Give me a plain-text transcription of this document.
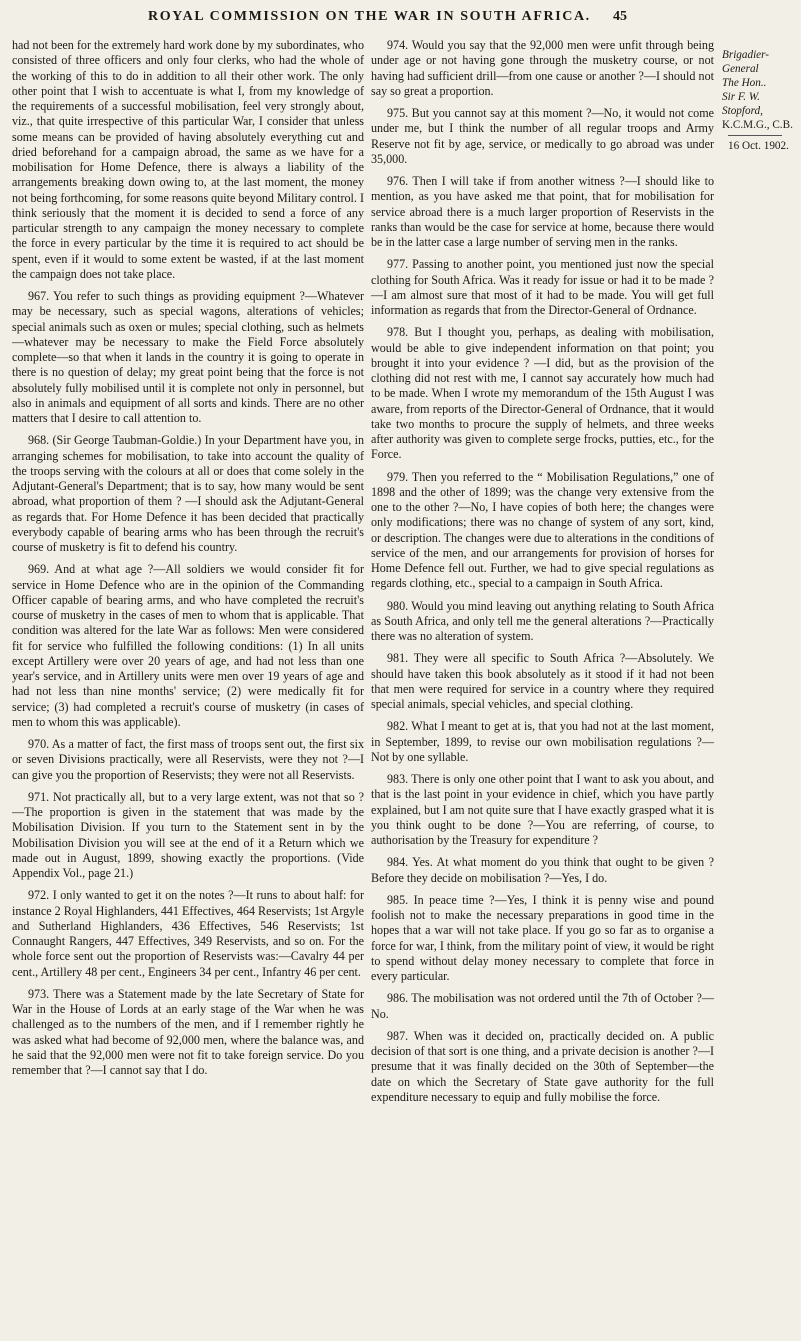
ROYAL COMMISSION ON THE WAR IN SOUTH AFRICA. 45

had not been for the extremely hard work done by my subordinates, who consisted of three officers and only four clerks, who had the whole of the working of this to do in addition to all their other work. The only other point that I wish to accentuate is what I, from my knowledge of the requirements of a successful mobilisation, feel very strongly about, viz., that quite irrespective of this particular War, I consider that unless some means can be provided of having absolutely everything cut and dried beforehand for a campaign abroad, the same as we have for a mobilisation for Home Defence, there is always a liability of the arrangements breaking down owing to, at the last moment, the money not being forthcoming, for some reasons quite beyond Military control. I think seriously that the moment it is decided to send a force of any particular strength to any campaign the money necessary to complete the force in every particular by the time it is required to act should be spent, even if it would to some extent be wasted, if at the last moment the campaign does not take place.

967. You refer to such things as providing equipment ?—Whatever may be necessary, such as special wagons, alterations of vehicles; special animals such as oxen or mules; special clothing, such as helmets—whatever may be necessary to make the Field Force absolutely complete—so that when it lands in the country it is going to operate in there is no question of delay; my great point being that the force is not absolutely fully mobilised until it is complete not only in personnel, but also in animals and equipment of all sorts and kinds. There are no other matters that I desire to call attention to.

968. (Sir George Taubman-Goldie.) In your Department have you, in arranging schemes for mobilisation, to take into account the quality of the troops serving with the colours at all or does that come solely in the Adjutant-General's Department; that is to say, how many would be sent abroad, what proportion of them ? —I should ask the Adjutant-General as regards that. For Home Defence it has been decided that practically everybody capable of bearing arms who has been through the recruit's course of musketry is fit to defend his country.

969. And at what age ?—All soldiers we would consider fit for service in Home Defence who are in the opinion of the Commanding Officer capable of bearing arms, and who have completed the recruit's course of musketry in the cases of men to whom that is applicable. That condition was altered for the late War as follows: Men were considered fit for service who fulfilled the following conditions: (1) In all units except Artillery were over 20 years of age, and had not less than one year's service, and in Artillery units were men over 19 years of age and had not less than nine months' service; (2) were medically fit for service; (3) had completed a recruit's course of musketry (in cases of men to whom this was applicable).

970. As a matter of fact, the first mass of troops sent out, the first six or seven Divisions practically, were all Reservists, were they not ?—I can give you the proportion of Reservists; they were not all Reservists.

971. Not practically all, but to a very large extent, was not that so ?—The proportion is given in the statement that was made by the Mobilisation Division. If you turn to the Statement sent in by the Mobilisation Division you will see at the end of it a Return which we made out in August, 1899, showing exactly the proportions. (Vide Appendix Vol., page 21.)

972. I only wanted to get it on the notes ?—It runs to about half: for instance 2 Royal Highlanders, 441 Effectives, 464 Reservists; 1st Argyle and Sutherland Highlanders, 436 Effectives, 546 Reservists; 1st Connaught Rangers, 447 Effectives, 349 Reservists, and so on. For the whole force sent out the proportion of Reservists was:—Cavalry 44 per cent., Artillery 48 per cent., Engineers 34 per cent., Infantry 46 per cent.

973. There was a Statement made by the late Secretary of State for War in the House of Lords at an early stage of the War when he was challenged as to the numbers of the men, and if I remember rightly he was asked what had become of 92,000 men, where the balance was, and he said that the 92,000 men were not fit to take foreign service. Do you remember that ?—I cannot say that I do.

974. Would you say that the 92,000 men were unfit through being under age or not having gone through the musketry course, or not having had sufficient drill—from one cause or another ?—I should not say so great a proportion.

975. But you cannot say at this moment ?—No, it would not come under me, but I think the number of all regular troops and Army Reserve not fit by age, service, or medically to go abroad was under 35,000.

976. Then I will take if from another witness ?—I should like to mention, as you have asked me that point, that for mobilisation for service abroad there is a much larger proportion of Reservists in the ranks than would be the case for service at home, because there would be in the latter case a large number of serving men in the ranks.

977. Passing to another point, you mentioned just now the special clothing for South Africa. Was it ready for issue or had it to be made ?—I am almost sure that most of it had to be made. You will get full information as regards that from the Director-General of Ordnance.

978. But I thought you, perhaps, as dealing with mobilisation, would be able to give independent information on that point; you brought it into your evidence ? —I did, but as the provision of the clothing did not rest with me, I cannot say accurately how much had to be made. When I wrote my memorandum of the 15th August I was aware, from reports of the Director-General of Ordnance, that it would take two months to procure the supply of helmets, and three weeks after authority was given to complete serge frocks, putties, etc., for the Force.

979. Then you referred to the “ Mobilisation Regulations,” one of 1898 and the other of 1899; was the change very extensive from the one to the other ?—No, I have copies of both here; the changes were only modifications; there was no change of system of any sort, kind, or description. The changes were due to alterations in the conditions of service of the men, and our arrangements for provision of horses for Home Defence fell out. Further, we had to give special regulations as regards clothing, etc., special to a campaign in South Africa.

980. Would you mind leaving out anything relating to South Africa as South Africa, and only tell me the general alterations ?—Practically there was no alteration of system.

981. They were all specific to South Africa ?—Absolutely. We should have taken this book absolutely as it stood if it had not been that men were required for service in a country where they required special animals, special vehicles, and special clothing.

982. What I meant to get at is, that you had not at the last moment, in September, 1899, to revise our own mobilisation regulations ?—Not by one syllable.

983. There is only one other point that I want to ask you about, and that is the last point in your evidence in chief, which you have partly explained, but I am not quite sure that I have exactly grasped what it is you think ought to be done ?—You are referring, of course, to authorisation by the Treasury for expenditure ?

984. Yes. At what moment do you think that ought to be given ? Before they decide on mobilisation ?—Yes, I do.

985. In peace time ?—Yes, I think it is penny wise and pound foolish not to make the necessary preparations in good time in the hopes that a war will not take place. If you go so far as to organise a force for war, I think, from the military point of view, it would be right to spend without delay money necessary to complete that force in every particular.

986. The mobilisation was not ordered until the 7th of October ?—No.

987. When was it decided on, practically decided on. A public decision of that sort is one thing, and a private decision is another ?—I presume that it was finally decided on the 30th of September—the date on which the Secretary of State gave authority for the full expenditure necessary to equip and fully mobilise the force.

Brigadier-
General
The Hon..
Sir F. W.
Stopford,
K.C.M.G., C.B.
16 Oct. 1902.
